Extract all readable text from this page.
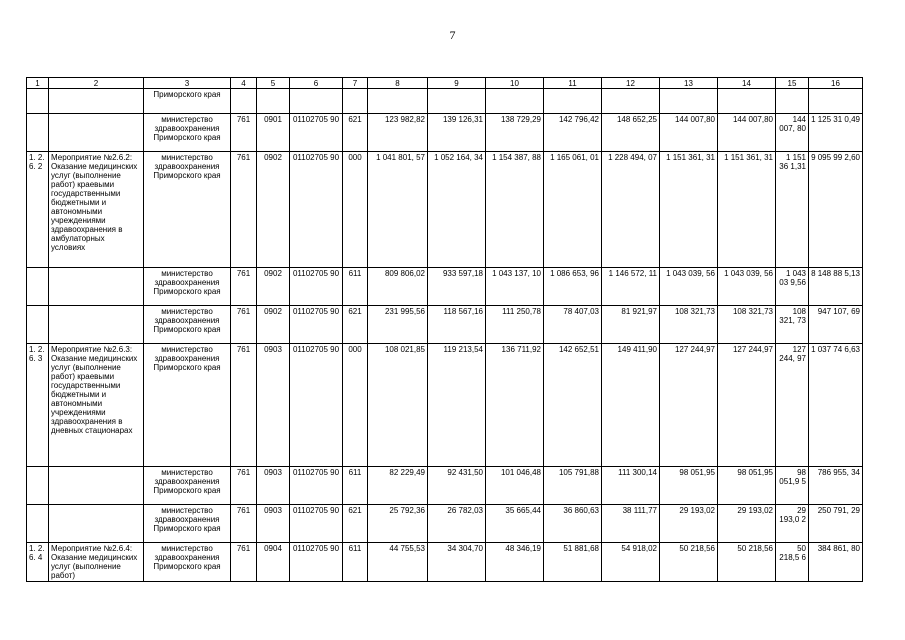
7
1	2	3	4	5	6	7	8	9	10	11	12	13	14	15	16
		Приморского края													
		министерство здравоохранения Приморского края	761	0901	01102705 90	621	123 982,82	139 126,31	138 729,29	142 796,42	148 652,25	144 007,80	144 007,80	144 007, 80	1 125 31 0,49
1. 2. 6. 2	Мероприятие №2.6.2: Оказание медицинских услуг (выполнение работ) краевыми государственными бюджетными и автономными учреждениями здравоохранения в амбулаторных условиях	министерство здравоохранения Приморского края	761	0902	01102705 90	000	1 041 801, 57	1 052 164, 34	1 154 387, 88	1 165 061, 01	1 228 494, 07	1 151 361, 31	1 151 361, 31	1 151 36 1,31	9 095 99 2,60
		министерство здравоохранения Приморского края	761	0902	01102705 90	611	809 806,02	933 597,18	1 043 137, 10	1 086 653, 96	1 146 572, 11	1 043 039, 56	1 043 039, 56	1 043 03 9,56	8 148 88 5,13
		министерство здравоохранения Приморского края	761	0902	01102705 90	621	231 995,56	118 567,16	111 250,78	78 407,03	81 921,97	108 321,73	108 321,73	108 321, 73	947 107, 69
1. 2. 6. 3	Мероприятие №2.6.3: Оказание медицинских услуг (выполнение работ) краевыми государственными бюджетными и автономными учреждениями здравоохранения в дневных стационарах	министерство здравоохранения Приморского края	761	0903	01102705 90	000	108 021,85	119 213,54	136 711,92	142 652,51	149 411,90	127 244,97	127 244,97	127 244, 97	1 037 74 6,63
		министерство здравоохранения Приморского края	761	0903	01102705 90	611	82 229,49	92 431,50	101 046,48	105 791,88	111 300,14	98 051,95	98 051,95	98 051,9 5	786 955, 34
		министерство здравоохранения Приморского края	761	0903	01102705 90	621	25 792,36	26 782,03	35 665,44	36 860,63	38 111,77	29 193,02	29 193,02	29 193,0 2	250 791, 29
1. 2. 6. 4	Мероприятие №2.6.4: Оказание медицинских услуг (выполнение работ)	министерство здравоохранения Приморского края	761	0904	01102705 90	611	44 755,53	34 304,70	48 346,19	51 881,68	54 918,02	50 218,56	50 218,56	50 218,5 6	384 861, 80
